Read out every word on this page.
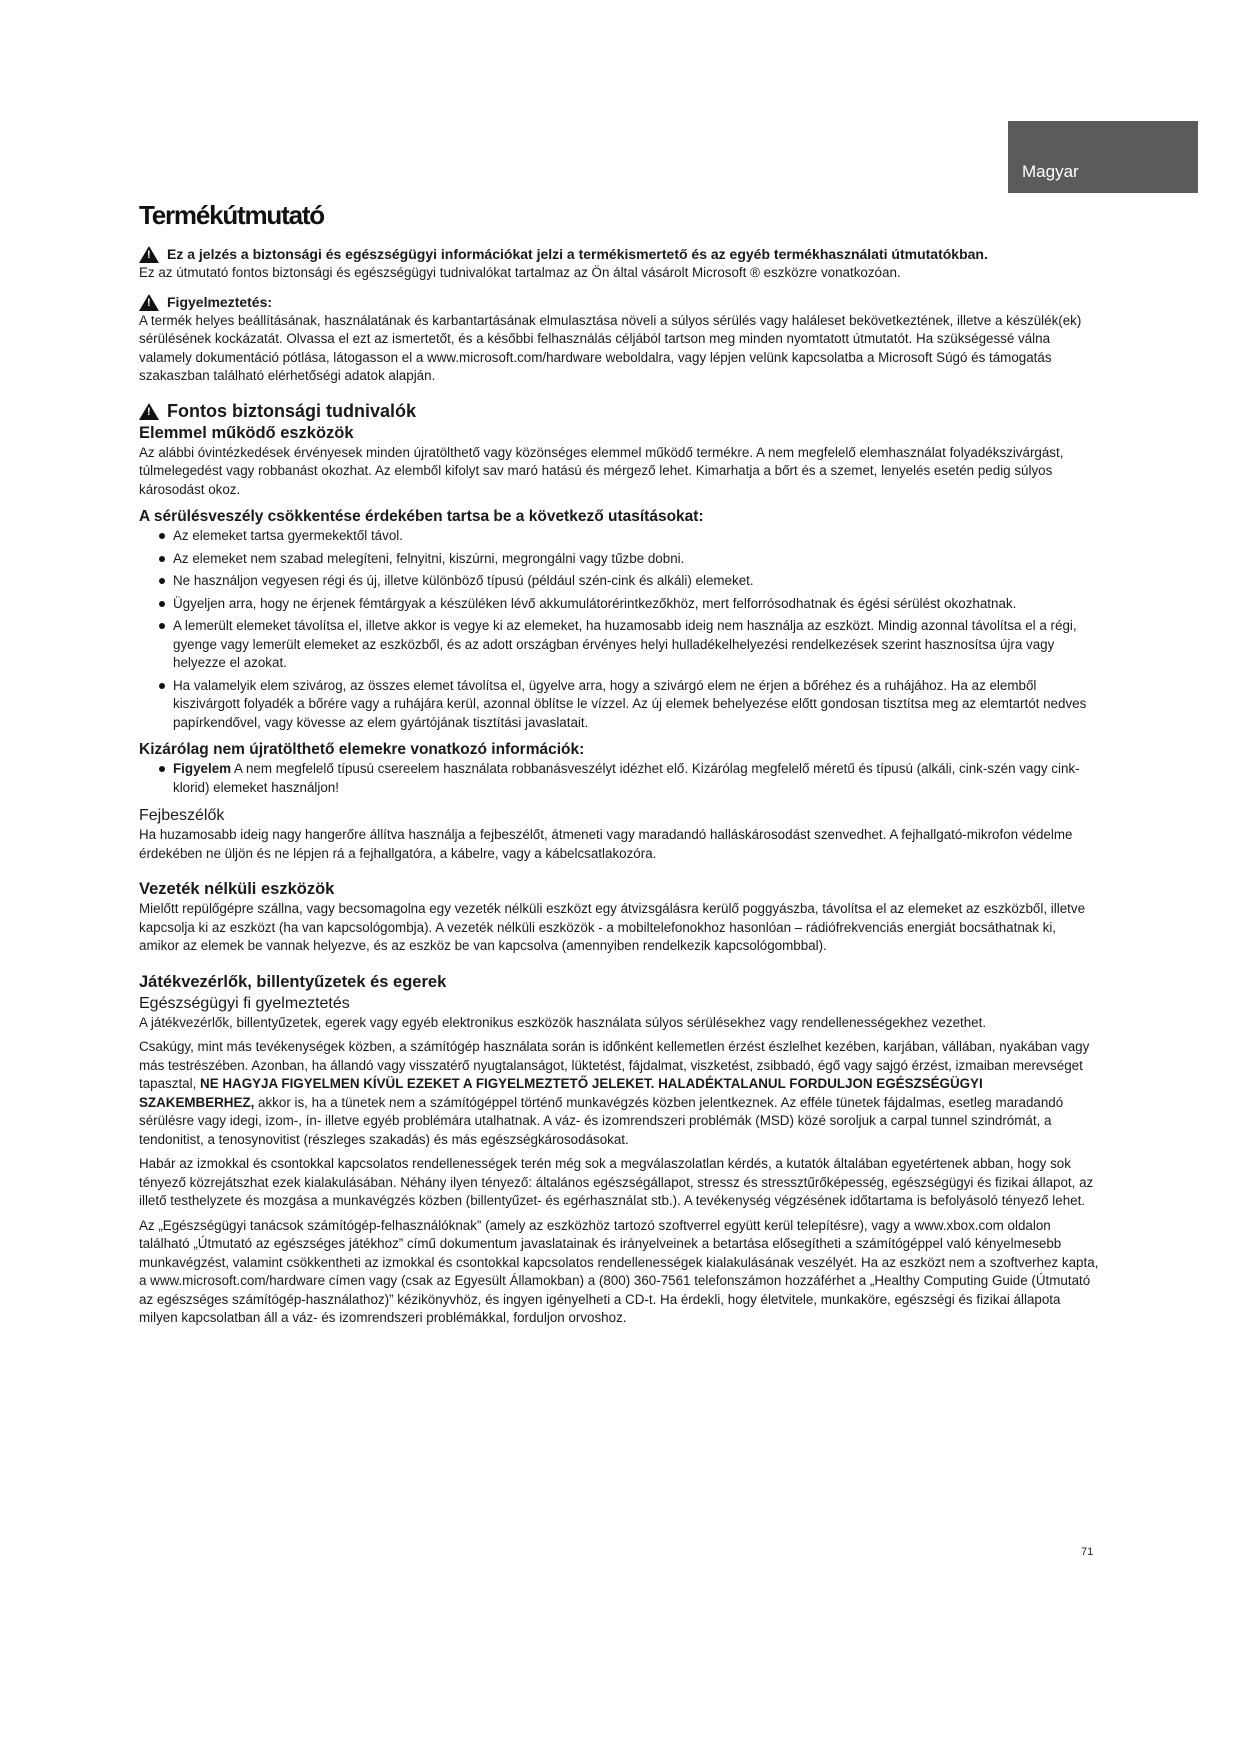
Magyar
Termékútmutató
!
Ez a jelzés a biztonsági és egészségügyi információkat jelzi a termékismertető és az egyéb termékhasználati útmutatókban.

Ez az útmutató fontos biztonsági és egészségügyi tudnivalókat tartalmaz az Ön által vásárolt Microsoft ® eszközre vonatkozóan.

!
Figyelmeztetés:

A termék helyes beállításának, használatának és karbantartásának elmulasztása növeli a súlyos sérülés vagy haláleset bekövetkeztének, illetve a készülék(ek) sérülésének kockázatát. Olvassa el ezt az ismertetőt, és a későbbi felhasználás céljából tartson meg minden nyomtatott útmutatót. Ha szükségessé válna valamely dokumentáció pótlása, látogasson el a www.microsoft.com/hardware weboldalra, vagy lépjen velünk kapcsolatba a Microsoft Súgó és támogatás szakaszban található elérhetőségi adatok alapján.

!
Fontos biztonsági tudnivalók
Elemmel működő eszközök

Az alábbi óvintézkedések érvényesek minden újratölthető vagy közönséges elemmel működő termékre. A nem megfelelő elemhasználat folyadékszivárgást, túlmelegedést vagy robbanást okozhat. Az elemből kifolyt sav maró hatású és mérgező lehet. Kimarhatja a bőrt és a szemet, lenyelés esetén pedig súlyos károsodást okoz.

A sérülésveszély csökkentése érdekében tartsa be a következő utasításokat:
Az elemeket tartsa gyermekektől távol.
Az elemeket nem szabad melegíteni, felnyitni, kiszúrni, megrongálni vagy tűzbe dobni.
Ne használjon vegyesen régi és új, illetve különböző típusú (például szén-cink és alkáli) elemeket.
Ügyeljen arra, hogy ne érjenek fémtárgyak a készüléken lévő akkumulátorérintkezőkhöz, mert felforrósodhatnak és égési sérülést okozhatnak.
A lemerült elemeket távolítsa el, illetve akkor is vegye ki az elemeket, ha huzamosabb ideig nem használja az eszközt. Mindig azonnal távolítsa el a régi, gyenge vagy lemerült elemeket az eszközből, és az adott országban érvényes helyi hulladékelhelyezési rendelkezések szerint hasznosítsa újra vagy helyezze el azokat.
Ha valamelyik elem szivárog, az összes elemet távolítsa el, ügyelve arra, hogy a szivárgó elem ne érjen a bőréhez és a ruhájához. Ha az elemből kiszivárgott folyadék a bőrére vagy a ruhájára kerül, azonnal öblítse le vízzel. Az új elemek behelyezése előtt gondosan tisztítsa meg az elemtartót nedves papírkendővel, vagy kövesse az elem gyártójának tisztítási javaslatait.
Kizárólag nem újratölthető elemekre vonatkozó információk:
Figyelem A nem megfelelő típusú csereelem használata robbanásveszélyt idézhet elő. Kizárólag megfelelő méretű és típusú (alkáli, cink-szén vagy cink-klorid) elemeket használjon!
Fejbeszélők

Ha huzamosabb ideig nagy hangerőre állítva használja a fejbeszélőt, átmeneti vagy maradandó halláskárosodást szenvedhet. A fejhallgató-mikrofon védelme érdekében ne üljön és ne lépjen rá a fejhallgatóra, a kábelre, vagy a kábelcsatlakozóra.

Vezeték nélküli eszközök

Mielőtt repülőgépre szállna, vagy becsomagolna egy vezeték nélküli eszközt egy átvizsgálásra kerülő poggyászba, távolítsa el az elemeket az eszközből, illetve kapcsolja ki az eszközt (ha van kapcsológombja). A vezeték nélküli eszközök - a mobiltelefonokhoz hasonlóan – rádiófrekvenciás energiát bocsáthatnak ki, amikor az elemek be vannak helyezve, és az eszköz be van kapcsolva (amennyiben rendelkezik kapcsológombbal).

Játékvezérlők, billentyűzetek és egerek
Egészségügyi fi gyelmeztetés

A játékvezérlők, billentyűzetek, egerek vagy egyéb elektronikus eszközök használata súlyos sérülésekhez vagy rendellenességekhez vezethet.

Csakúgy, mint más tevékenységek közben, a számítógép használata során is időnként kellemetlen érzést észlelhet kezében, karjában, vállában, nyakában vagy más testrészében. Azonban, ha állandó vagy visszatérő nyugtalanságot, lüktetést, fájdalmat, viszketést, zsibbadó, égő vagy sajgó érzést, izmaiban merevséget tapasztal, NE HAGYJA FIGYELMEN KÍVÜL EZEKET A FIGYELMEZTETŐ JELEKET. HALADÉKTALANUL FORDULJON EGÉSZSÉGÜGYI SZAKEMBERHEZ, akkor is, ha a tünetek nem a számítógéppel történő munkavégzés közben jelentkeznek. Az efféle tünetek fájdalmas, esetleg maradandó sérülésre vagy idegi, izom-, ín- illetve egyéb problémára utalhatnak. A váz- és izomrendszeri problémák (MSD) közé soroljuk a carpal tunnel szindrómát, a tendonitist, a tenosynovitist (részleges szakadás) és más egészségkárosodásokat.

Habár az izmokkal és csontokkal kapcsolatos rendellenességek terén még sok a megválaszolatlan kérdés, a kutatók általában egyetértenek abban, hogy sok tényező közrejátszhat ezek kialakulásában. Néhány ilyen tényező: általános egészségállapot, stressz és stressztűrőképesség, egészségügyi és fizikai állapot, az illető testhelyzete és mozgása a munkavégzés közben (billentyűzet- és egérhasználat stb.). A tevékenység végzésének időtartama is befolyásoló tényező lehet.

Az „Egészségügyi tanácsok számítógép-felhasználóknak” (amely az eszközhöz tartozó szoftverrel együtt kerül telepítésre), vagy a www.xbox.com oldalon található „Útmutató az egészséges játékhoz” című dokumentum javaslatainak és irányelveinek a betartása elősegítheti a számítógéppel való kényelmesebb munkavégzést, valamint csökkentheti az izmokkal és csontokkal kapcsolatos rendellenességek kialakulásának veszélyét. Ha az eszközt nem a szoftverhez kapta, a www.microsoft.com/hardware címen vagy (csak az Egyesült Államokban) a (800) 360-7561 telefonszámon hozzáférhet a „Healthy Computing Guide (Útmutató az egészséges számítógép-használathoz)” kézikönyvhöz, és ingyen igényelheti a CD-t. Ha érdekli, hogy életvitele, munkaköre, egészségi és fizikai állapota milyen kapcsolatban áll a váz- és izomrendszeri problémákkal, forduljon orvoshoz.

71
